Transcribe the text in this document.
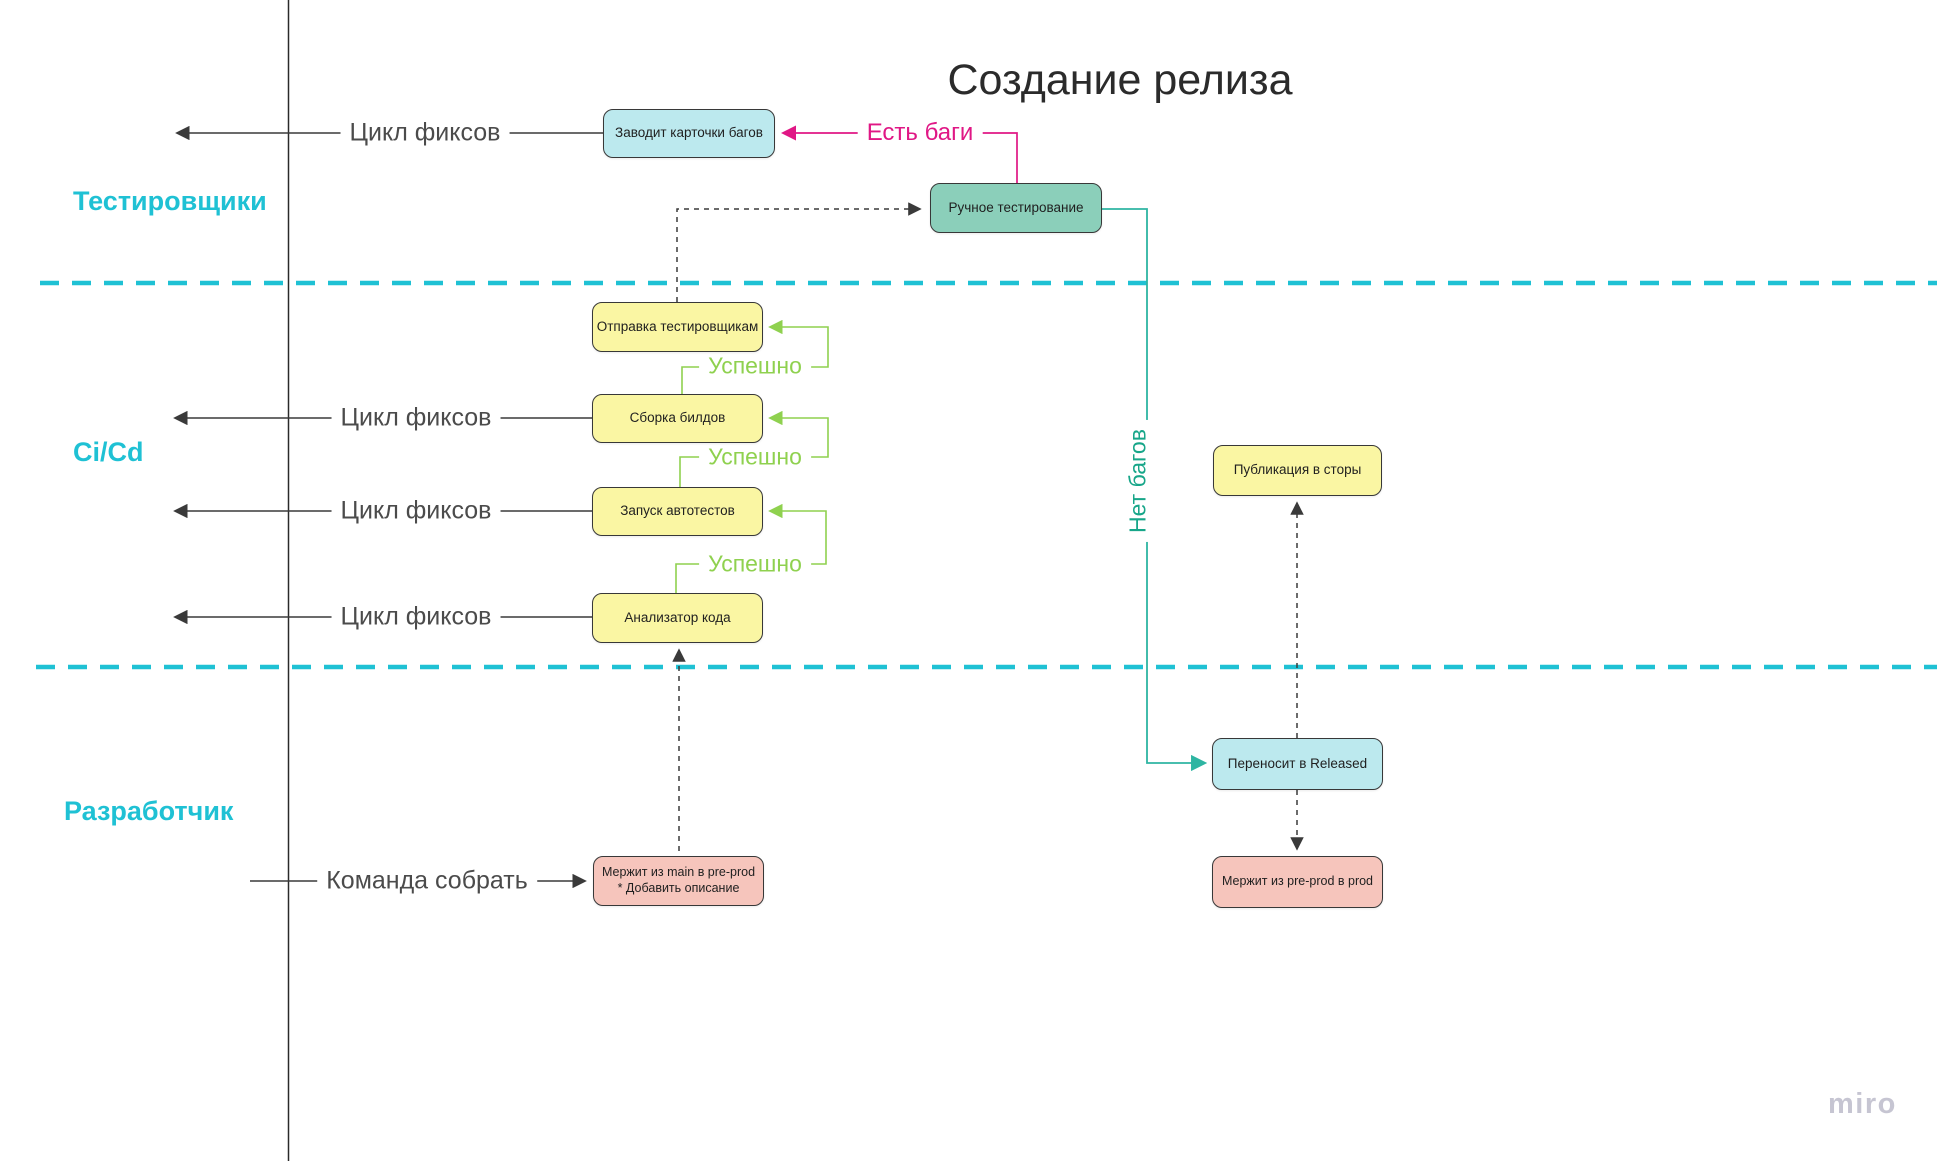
Создание релиза
miro
Тестировщики
Ci/Cd
Разработчик
Заводит карточки багов
Ручное тестирование
Отправка тестировщикам
Сборка билдов
Запуск автотестов
Анализатор кода
Публикация в сторы
Переносит в Released
Мержит из main в pre-prod
* Добавить описание	Мержит из pre-prod в prod
Цикл фиксов
Цикл фиксов
Цикл фиксов
Цикл фиксов
Команда собрать
Есть баги
Успешно
Успешно
Успешно
Нет багов
